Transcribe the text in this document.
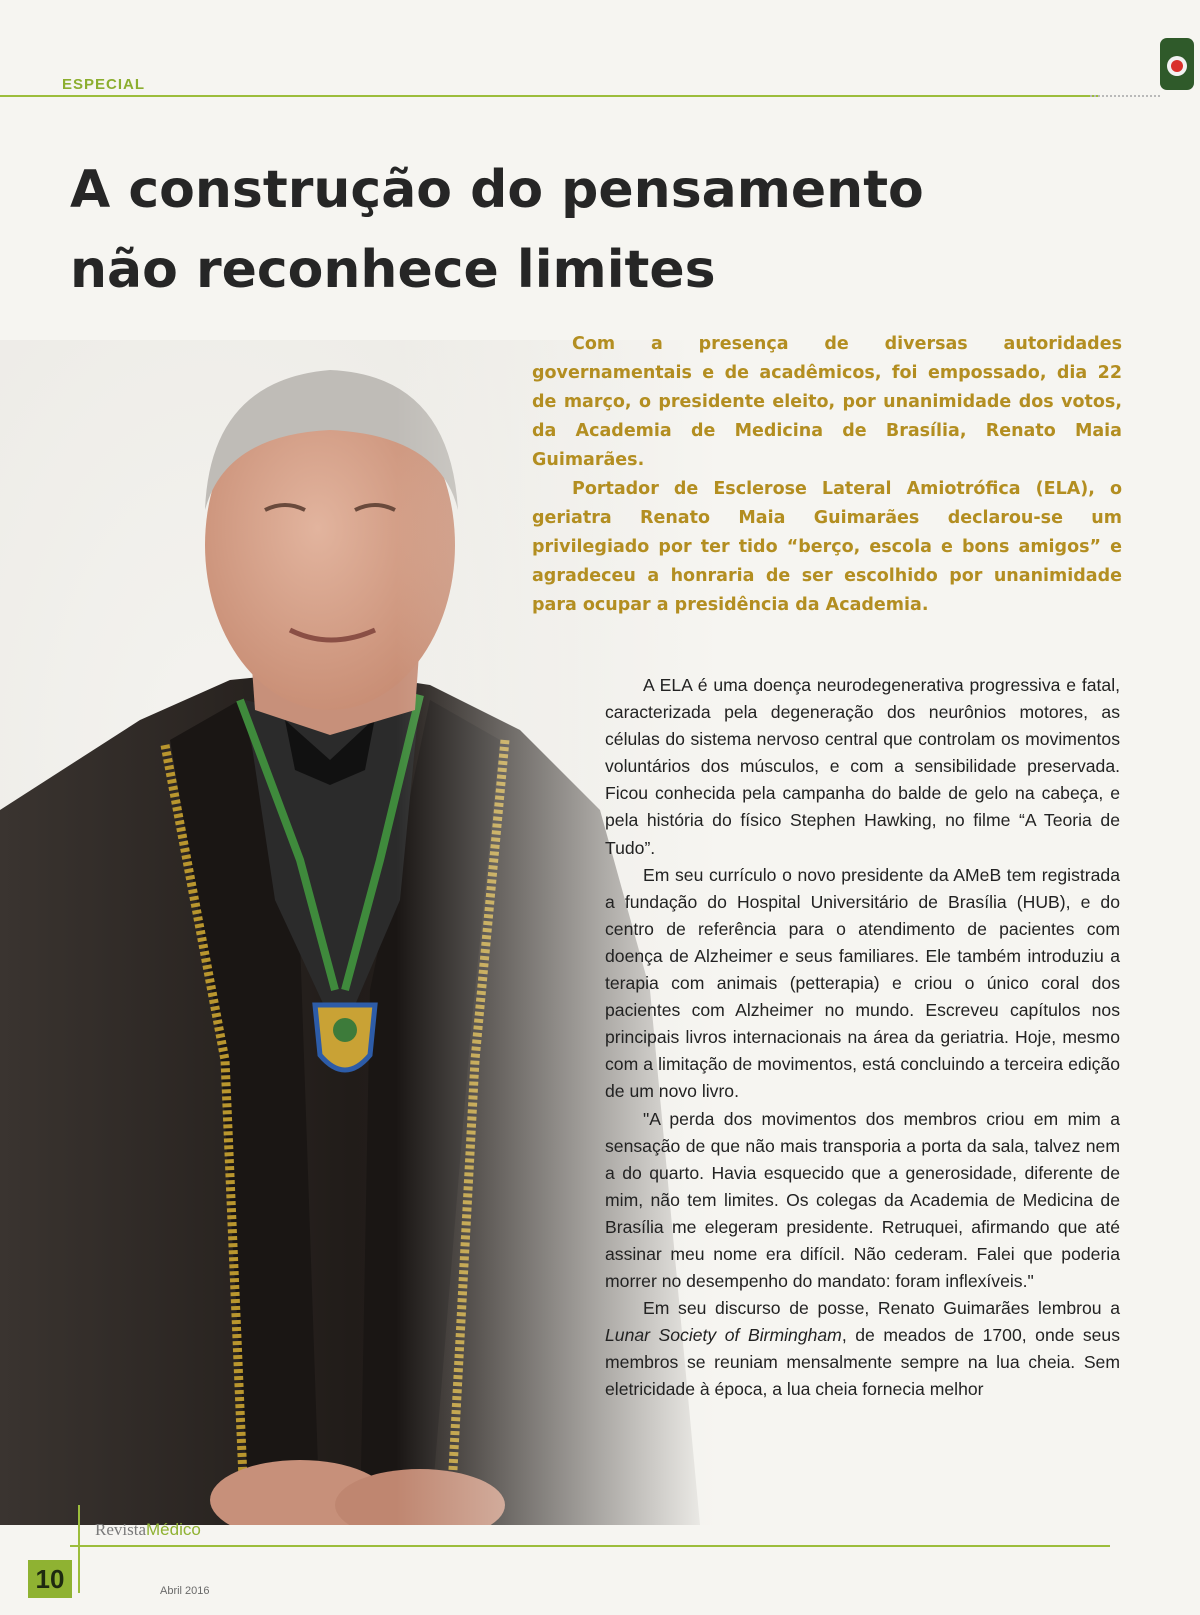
ESPECIAL
A construção do pensamento
não reconhece limites

Com a presença de diversas autoridades governamentais e de acadêmicos, foi empossado, dia 22 de março, o presidente eleito, por unanimidade dos votos, da Academia de Medicina de Brasília, Renato Maia Guimarães.

Portador de Esclerose Lateral Amiotrófica (ELA), o geriatra Renato Maia Guimarães declarou-se um privilegiado por ter tido “berço, escola e bons amigos” e agradeceu a honraria de ser escolhido por unanimidade para ocupar a presidência da Academia.

A ELA é uma doença neurodegenerativa progressiva e fatal, caracterizada pela degeneração dos neurônios motores, as células do sistema nervoso central que controlam os movimentos voluntários dos músculos, e com a sensibilidade preservada. Ficou conhecida pela campanha do balde de gelo na cabeça, e pela história do físico Stephen Hawking, no filme “A Teoria de Tudo”.

Em seu currículo o novo presidente da AMeB tem registrada a fundação do Hospital Universitário de Brasília (HUB), e do centro de referência para o atendimento de pacientes com doença de Alzheimer e seus familiares. Ele também introduziu a terapia com animais (petterapia) e criou o único coral dos pacientes com Alzheimer no mundo. Escreveu capítulos nos principais livros internacionais na área da geriatria. Hoje, mesmo com a limitação de movimentos, está concluindo a terceira edição de um novo livro.

"A perda dos movimentos dos membros criou em mim a sensação de que não mais transporia a porta da sala, talvez nem a do quarto. Havia esquecido que a generosidade, diferente de mim, não tem limites. Os colegas da Academia de Medicina de Brasília me elegeram presidente. Retruquei, afirmando que até assinar meu nome era difícil. Não cederam. Falei que poderia morrer no desempenho do mandato: foram inflexíveis."

Em seu discurso de posse, Renato Guimarães lembrou a Lunar Society of Birmingham, de meados de 1700, onde seus membros se reuniam mensalmente sempre na lua cheia. Sem eletricidade à época, a lua cheia fornecia melhor

10
RevistaMédico
Abril 2016
